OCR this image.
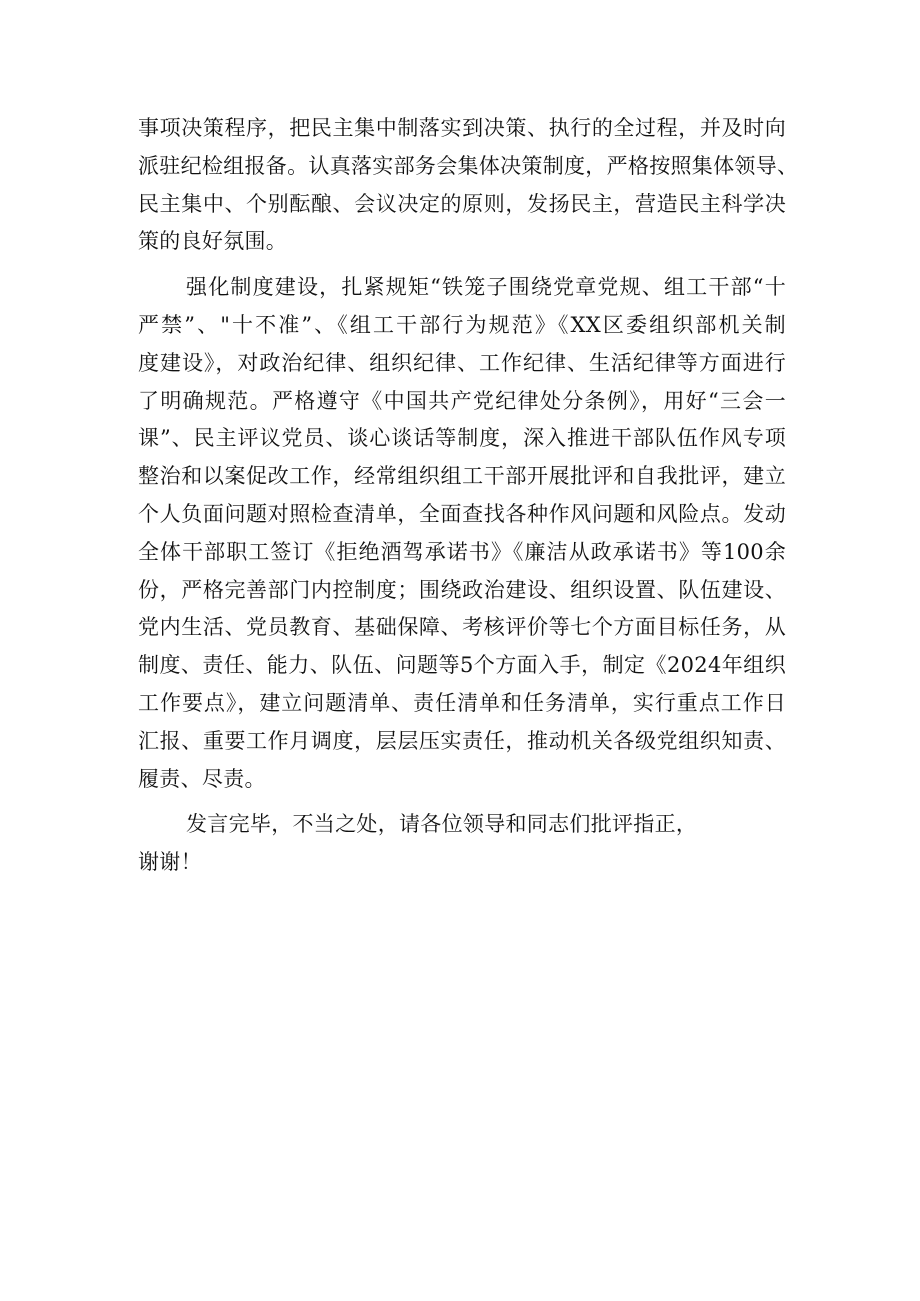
事项决策程序，把民主集中制落实到决策、执行的全过程，并及时向
派驻纪检组报备。认真落实部务会集体决策制度，严格按照集体领导、
民主集中、个别酝酿、会议决定的原则，发扬民主，营造民主科学决
策的良好氛围。
强化制度建设，扎紧规矩“铁笼子围绕党章党规、组工干部“十
严禁”、"十不准”、《组工干部行为规范》《XX区委组织部机关制
度建设》，对政治纪律、组织纪律、工作纪律、生活纪律等方面进行
了明确规范。严格遵守《中国共产党纪律处分条例》，用好“三会一
课”、民主评议党员、谈心谈话等制度，深入推进干部队伍作风专项
整治和以案促改工作，经常组织组工干部开展批评和自我批评，建立
个人负面问题对照检查清单，全面查找各种作风问题和风险点。发动
全体干部职工签订《拒绝酒驾承诺书》《廉洁从政承诺书》等100余
份，严格完善部门内控制度；围绕政治建设、组织设置、队伍建设、
党内生活、党员教育、基础保障、考核评价等七个方面目标任务，从
制度、责任、能力、队伍、问题等5个方面入手，制定《2024年组织
工作要点》，建立问题清单、责任清单和任务清单，实行重点工作日
汇报、重要工作月调度，层层压实责任，推动机关各级党组织知责、
履责、尽责。
发言完毕，不当之处，请各位领导和同志们批评指正，
谢谢！
